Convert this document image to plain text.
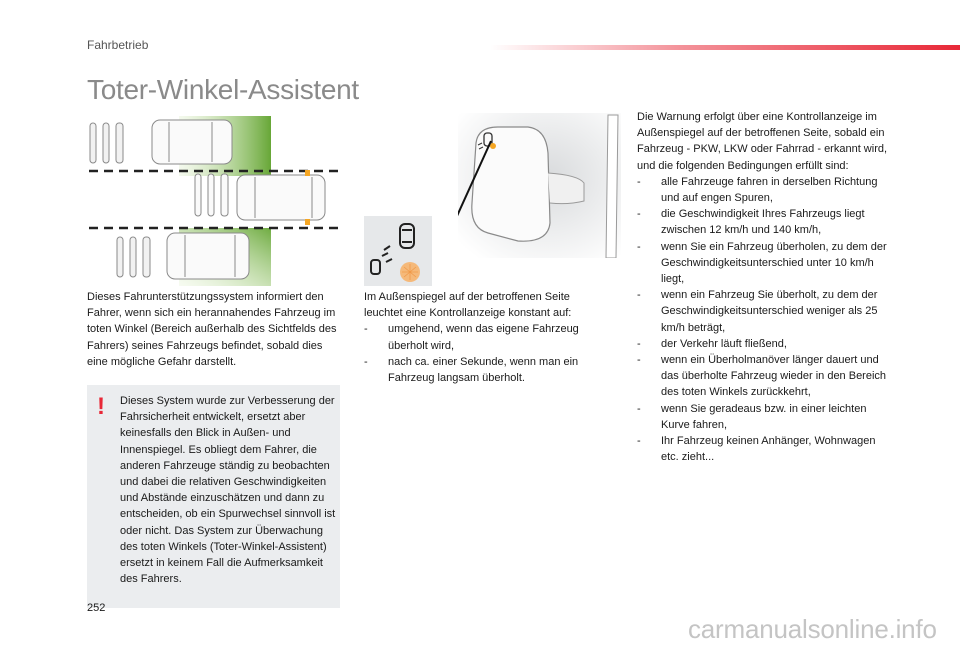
Fahrbetrieb
Toter-Winkel-Assistent

Dieses Fahrunterstützungssystem informiert den Fahrer, wenn sich ein herannahendes Fahrzeug im toten Winkel (Bereich außerhalb des Sichtfelds des Fahrers) seines Fahrzeugs befindet, sobald dies eine mögliche Gefahr darstellt.

! Dieses System wurde zur Verbesserung der Fahrsicherheit entwickelt, ersetzt aber keinesfalls den Blick in Außen- und Innenspiegel. Es obliegt dem Fahrer, die anderen Fahrzeuge ständig zu beobachten und dabei die relativen Geschwindigkeiten und Abstände einzuschätzen und dann zu entscheiden, ob ein Spurwechsel sinnvoll ist oder nicht. Das System zur Überwachung des toten Winkels (Toter-Winkel-Assistent) ersetzt in keinem Fall die Aufmerksamkeit des Fahrers.

Im Außenspiegel auf der betroffenen Seite leuchtet eine Kontrollanzeige konstant auf:

- umgehend, wenn das eigene Fahrzeug überholt wird,
- nach ca. einer Sekunde, wenn man ein Fahrzeug langsam überholt.

Die Warnung erfolgt über eine Kontrollanzeige im Außenspiegel auf der betroffenen Seite, sobald ein Fahrzeug - PKW, LKW oder Fahrrad - erkannt wird, und die folgenden Bedingungen erfüllt sind:

- alle Fahrzeuge fahren in derselben Richtung und auf engen Spuren,
- die Geschwindigkeit Ihres Fahrzeugs liegt zwischen 12 km/h und 140 km/h,
- wenn Sie ein Fahrzeug überholen, zu dem der Geschwindigkeitsunterschied unter 10 km/h liegt,
- wenn ein Fahrzeug Sie überholt, zu dem der Geschwindigkeitsunterschied weniger als 25 km/h beträgt,
- der Verkehr läuft fließend,
- wenn ein Überholmanöver länger dauert und das überholte Fahrzeug wieder in den Bereich des toten Winkels zurückkehrt,
- wenn Sie geradeaus bzw. in einer leichten Kurve fahren,
- Ihr Fahrzeug keinen Anhänger, Wohnwagen etc. zieht...
252
carmanualsonline.info
